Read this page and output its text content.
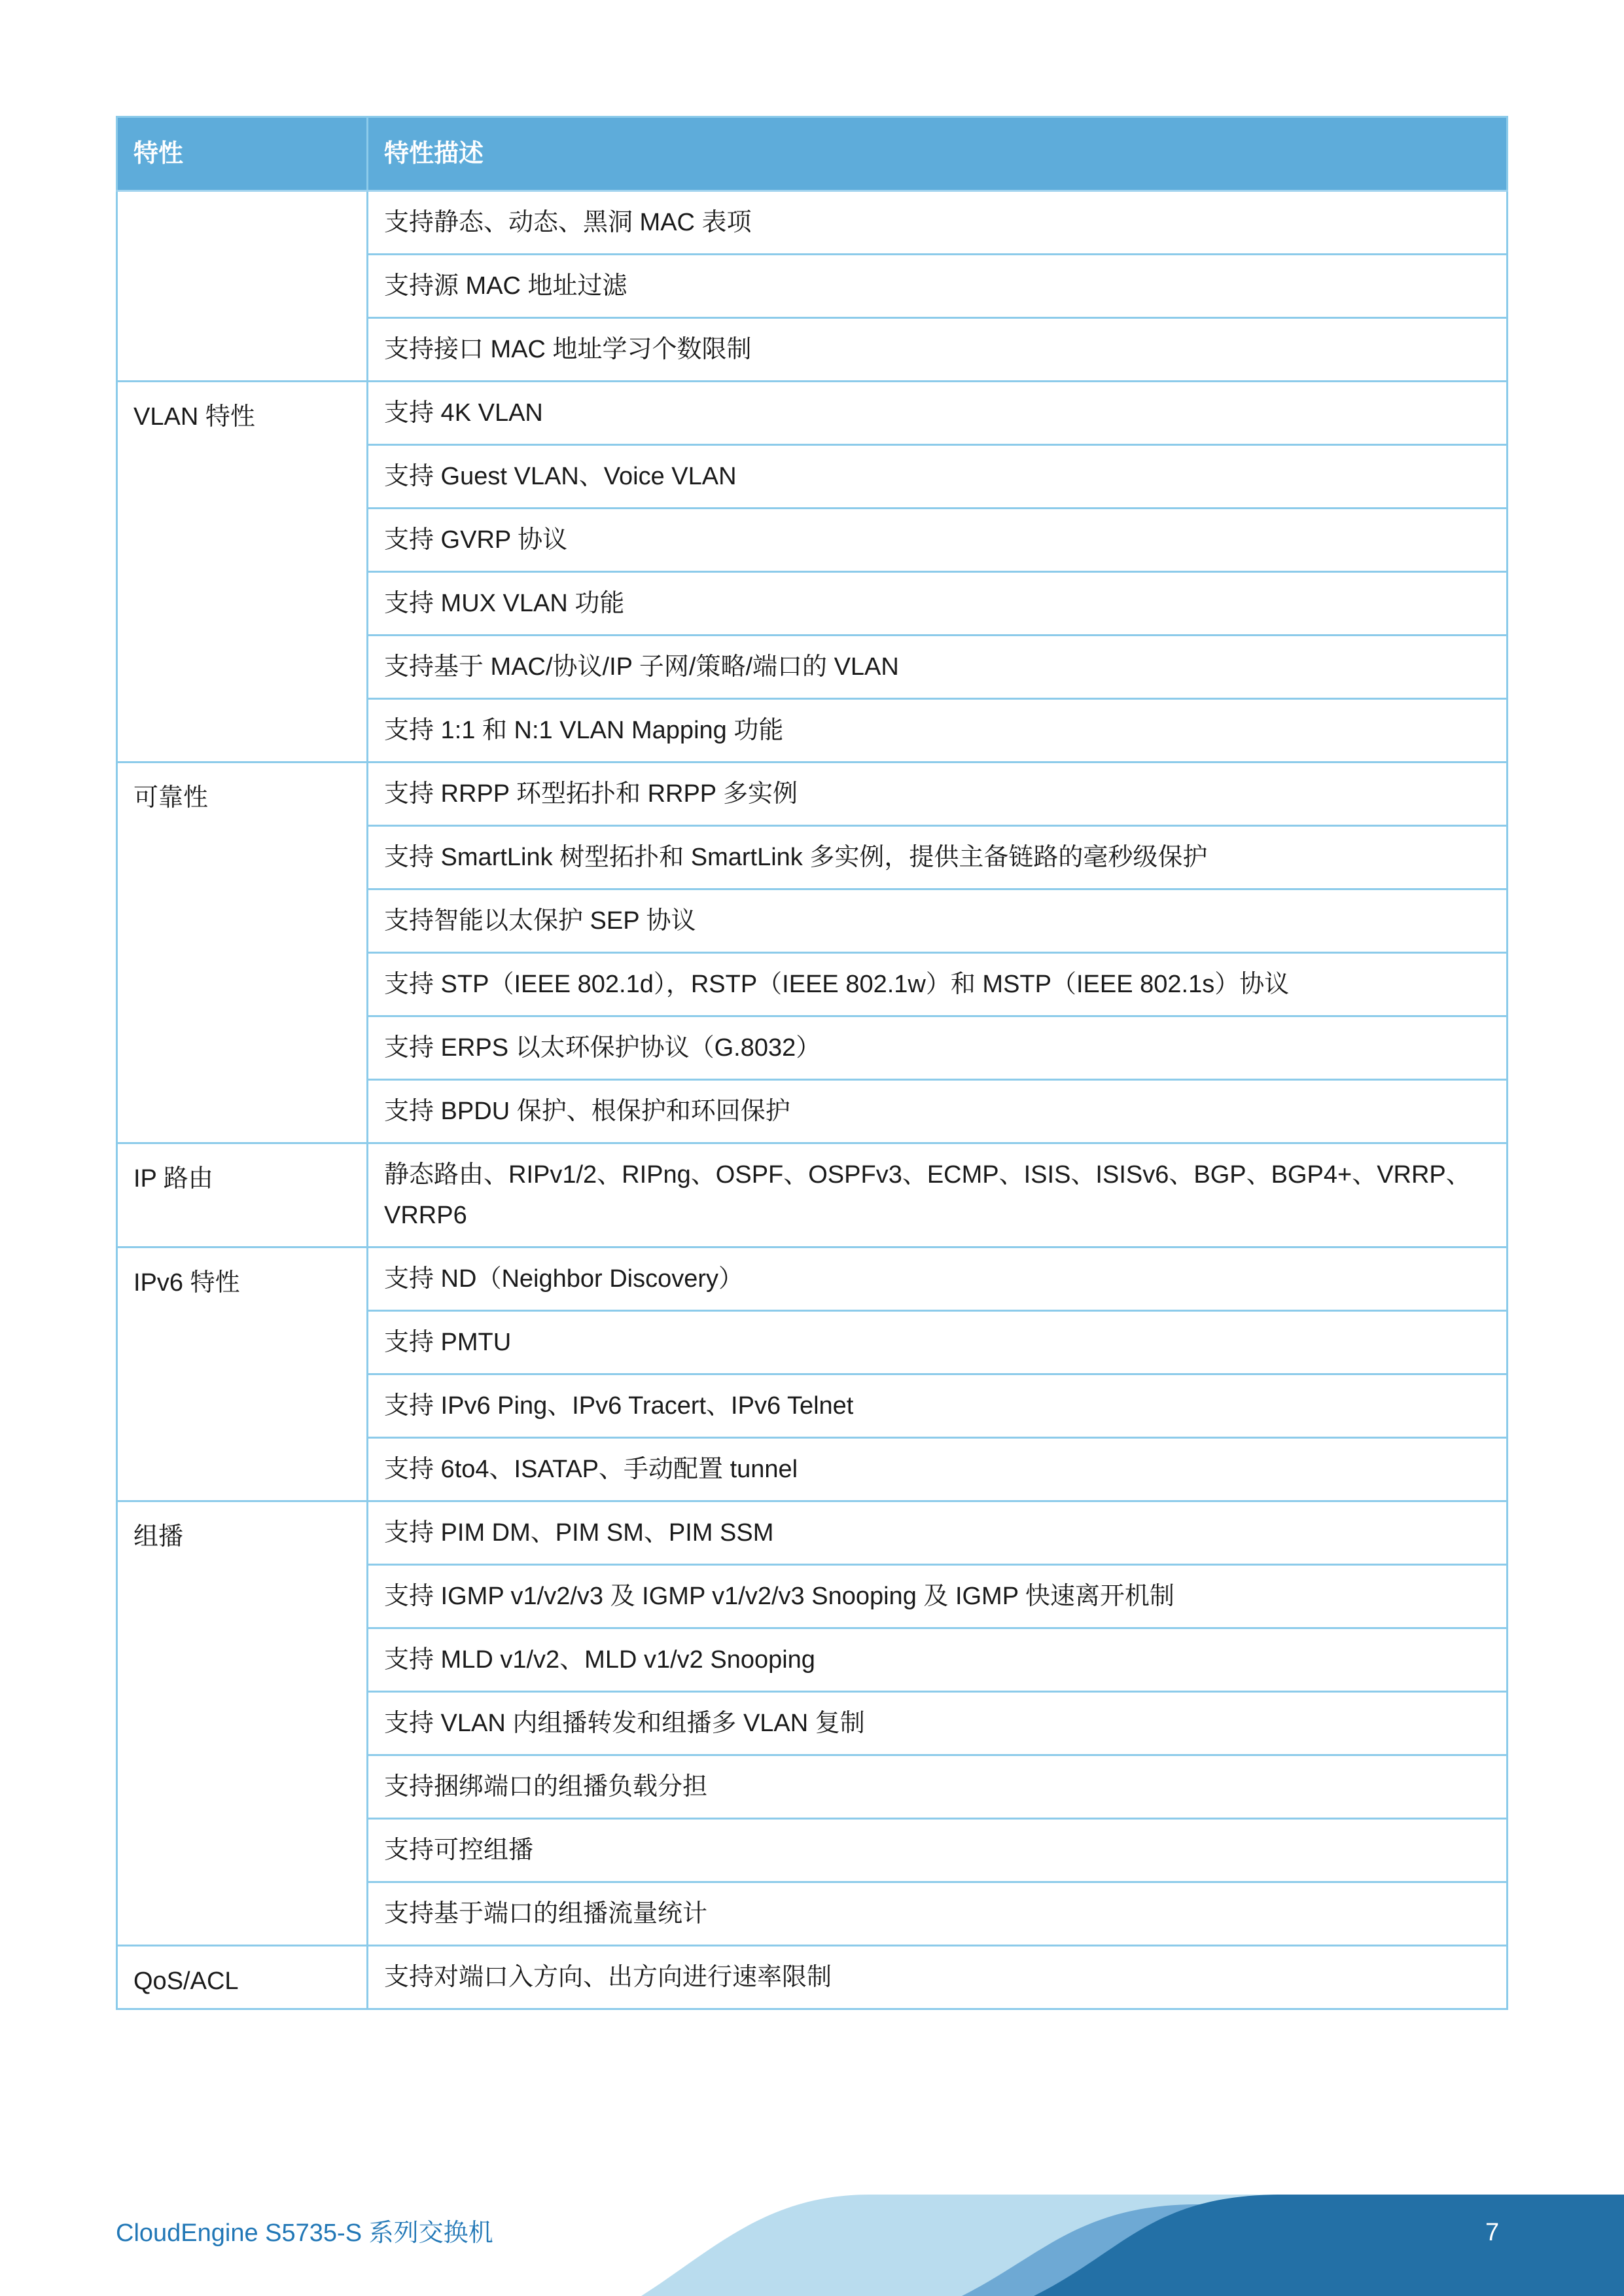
特性	特性描述
	支持静态、动态、黑洞 MAC 表项
	支持源 MAC 地址过滤
	支持接口 MAC 地址学习个数限制
VLAN 特性	支持 4K VLAN
	支持 Guest VLAN、Voice VLAN
	支持 GVRP 协议
	支持 MUX VLAN 功能
	支持基于 MAC/协议/IP 子网/策略/端口的 VLAN
	支持 1:1 和 N:1 VLAN Mapping 功能
可靠性	支持 RRPP 环型拓扑和 RRPP 多实例
	支持 SmartLink 树型拓扑和 SmartLink 多实例，提供主备链路的毫秒级保护
	支持智能以太保护 SEP 协议
	支持 STP（IEEE 802.1d），RSTP（IEEE 802.1w）和 MSTP（IEEE 802.1s）协议
	支持 ERPS 以太环保护协议（G.8032）
	支持 BPDU 保护、根保护和环回保护
IP 路由	静态路由、RIPv1/2、RIPng、OSPF、OSPFv3、ECMP、ISIS、ISISv6、BGP、BGP4+、VRRP、VRRP6
IPv6 特性	支持 ND（Neighbor Discovery）
	支持 PMTU
	支持 IPv6 Ping、IPv6 Tracert、IPv6 Telnet
	支持 6to4、ISATAP、手动配置 tunnel
组播	支持 PIM DM、PIM SM、PIM SSM
	支持 IGMP v1/v2/v3 及 IGMP v1/v2/v3 Snooping 及 IGMP 快速离开机制
	支持 MLD v1/v2、MLD v1/v2 Snooping
	支持 VLAN 内组播转发和组播多 VLAN 复制
	支持捆绑端口的组播负载分担
	支持可控组播
	支持基于端口的组播流量统计
QoS/ACL	支持对端口入方向、出方向进行速率限制
CloudEngine S5735-S 系列交换机	7
